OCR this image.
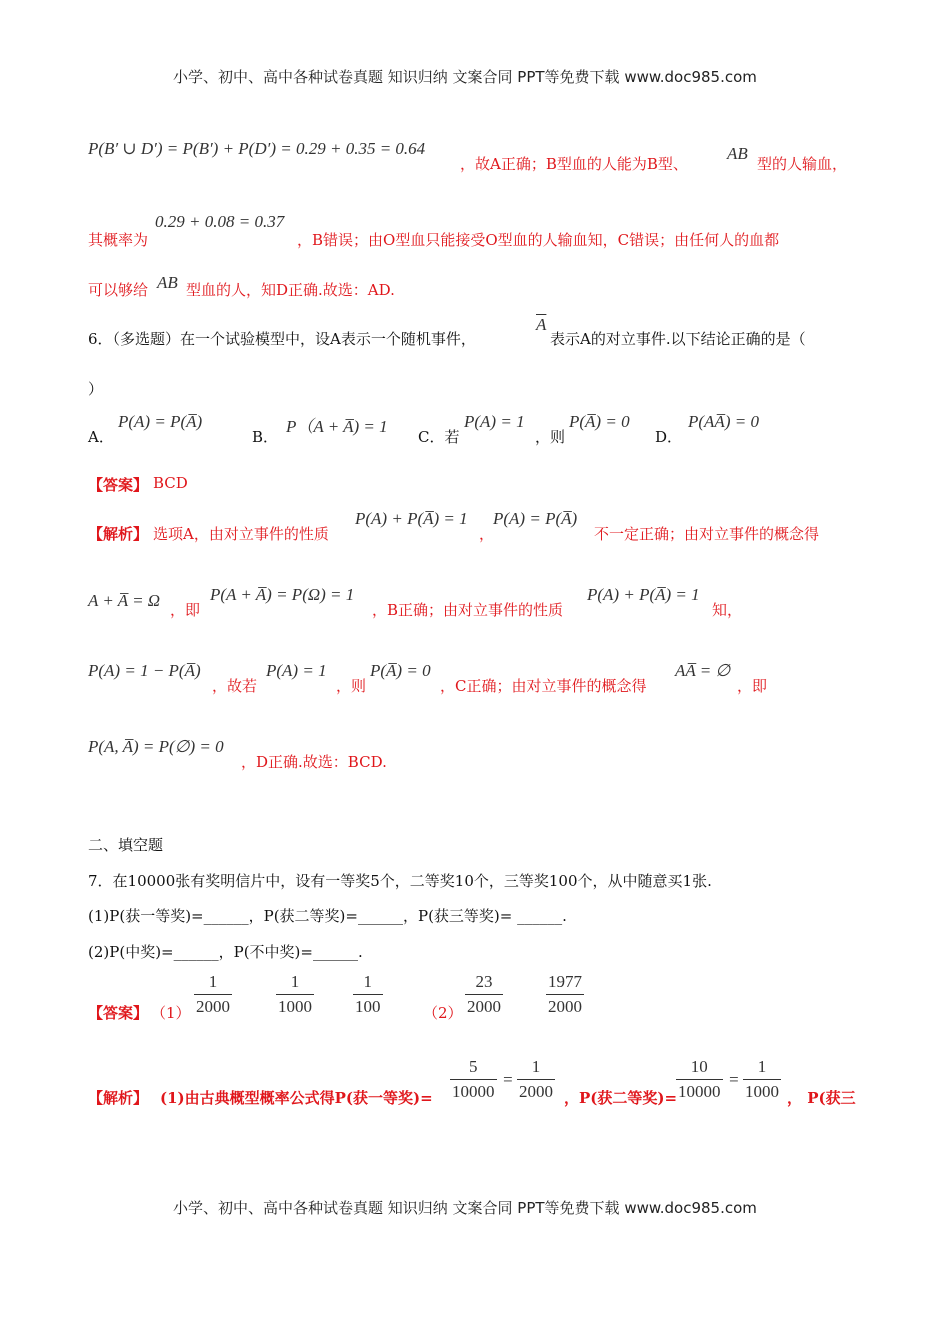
小学、初中、高中各种试卷真题 知识归纳 文案合同 PPT等免费下载 www.doc985.com
P(B′ ∪ D′) = P(B′) + P(D′) = 0.29 + 0.35 = 0.64
，故A正确；B型血的人能为B型、
AB
型的人输血，
其概率为
0.29 + 0.08 = 0.37
，B错误；由O型血只能接受O型血的人输血知，C错误；由任何人的血都
可以够给 AB 型血的人，知D正确.故选：AD.
6．（多选题）在一个试验模型中，设A表示一个随机事件，
$\overline{A}$
表示A的对立事件.以下结论正确的是（
）
A．
P(A) = P(A̅)
B．
P（A + A̅) = 1
C．若
P(A) = 1
，则
P(A̅) = 0
D．
P(AA̅) = 0
【答案】 BCD
【解析】 选项A，由对立事件的性质
P(A) + P(A̅) = 1
，
P(A) = P(A̅)
不一定正确；由对立事件的概念得
A + A̅ = Ω ，即
P(A + A̅) = P(Ω) = 1
，B正确；由对立事件的性质
P(A) + P(A̅) = 1
知，
P(A) = 1 − P(A̅)
，故若
P(A) = 1
，则
P(A̅) = 0
，C正确；由对立事件的概念得
AA̅ = ∅
，即
P(A, A̅) = P(∅) = 0
，D正确.故选：BCD.
二、填空题
7．在10000张有奖明信片中，设有一等奖5个，二等奖10个，三等奖100个，从中随意买1张.
(1)P(获一等奖)=______，P(获二等奖)=______，P(获三等奖)= ______.
(2)P(中奖)=______，P(不中奖)=______.
【答案】 $(1) \frac{1}{2000}$	$\frac{1}{1000} \frac{1}{100}$	$(2) \frac{23}{2000}$	$\frac{1977}{2000}$
【解析】 (1)由古典概型概率公式得P(获一等奖)= $\frac{5}{10000} = \frac{1}{2000}$ ，P(获二等奖)=
$\frac{10}{10000} = \frac{1}{1000}$ ， P(获三
小学、初中、高中各种试卷真题 知识归纳 文案合同 PPT等免费下载 www.doc985.com
